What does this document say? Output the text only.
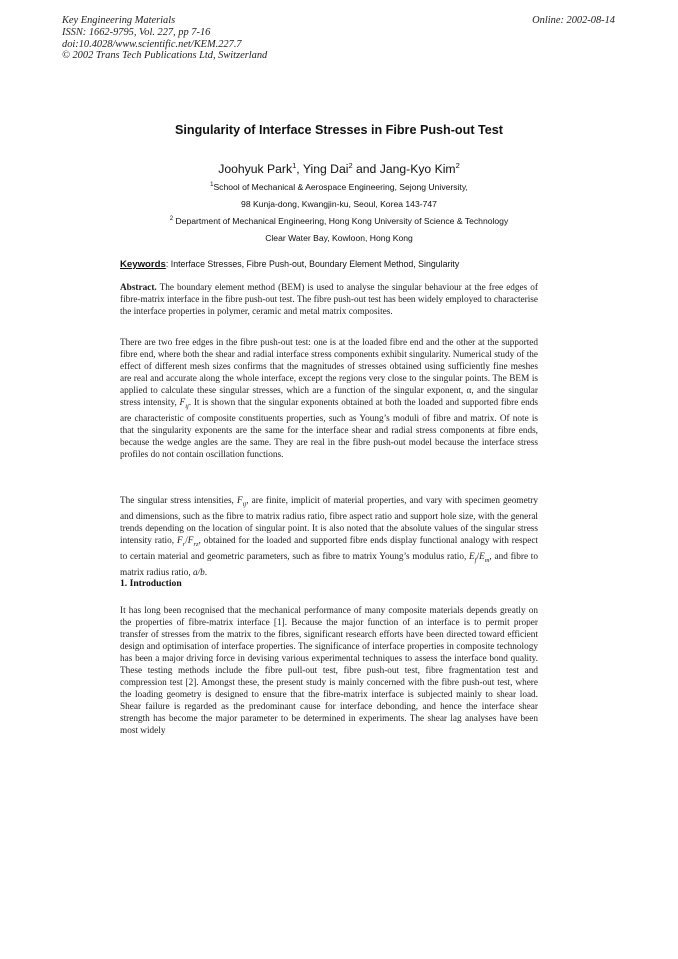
Key Engineering Materials
ISSN: 1662-9795, Vol. 227, pp 7-16
doi:10.4028/www.scientific.net/KEM.227.7
© 2002 Trans Tech Publications Ltd, Switzerland
Online: 2002-08-14
Singularity of Interface Stresses in Fibre Push-out Test
Joohyuk Park$^1$, Ying Dai$^2$ and Jang-Kyo Kim$^2$
$^1$School of Mechanical & Aerospace Engineering, Sejong University,
98 Kunja-dong, Kwangjin-ku, Seoul, Korea 143-747
$^2$ Department of Mechanical Engineering, Hong Kong University of Science & Technology
Clear Water Bay, Kowloon, Hong Kong
Keywords: Interface Stresses, Fibre Push-out, Boundary Element Method, Singularity

Abstract. The boundary element method (BEM) is used to analyse the singular behaviour at the free edges of fibre-matrix interface in the fibre push-out test. The fibre push-out test has been widely employed to characterise the interface properties in polymer, ceramic and metal matrix composites.

There are two free edges in the fibre push-out test: one is at the loaded fibre end and the other at the supported fibre end, where both the shear and radial interface stress components exhibit singularity. Numerical study of the effect of different mesh sizes confirms that the magnitudes of stresses obtained using sufficiently fine meshes are real and accurate along the whole interface, except the regions very close to the singular points. The BEM is applied to calculate these singular stresses, which are a function of the singular exponent, α, and the singular stress intensity, $F_{ij}$. It is shown that the singular exponents obtained at both the loaded and supported fibre ends are characteristic of composite constituents properties, such as Young’s moduli of fibre and matrix. Of note is that the singularity exponents are the same for the interface shear and radial stress components at fibre ends, because the wedge angles are the same. They are real in the fibre push-out model because the interface stress profiles do not contain oscillation functions.

The singular stress intensities, $F_{ij}$, are finite, implicit of material properties, and vary with specimen geometry and dimensions, such as the fibre to matrix radius ratio, fibre aspect ratio and support hole size, with the general trends depending on the location of singular point. It is also noted that the absolute values of the singular stress intensity ratio, $F_r/F_{rz}$, obtained for the loaded and supported fibre ends display functional analogy with respect to certain material and geometric parameters, such as fibre to matrix Young’s modulus ratio, $E_f/E_m$, and fibre to matrix radius ratio, a/b.

1. Introduction

It has long been recognised that the mechanical performance of many composite materials depends greatly on the properties of fibre-matrix interface [1]. Because the major function of an interface is to permit proper transfer of stresses from the matrix to the fibres, significant research efforts have been directed toward efficient design and optimisation of interface properties. The significance of interface properties in composite technology has been a major driving force in devising various experimental techniques to assess the interface bond quality. These testing methods include the fibre pull-out test, fibre push-out test, fibre fragmentation test and compression test [2]. Amongst these, the present study is mainly concerned with the fibre push-out test, where the loading geometry is designed to ensure that the fibre-matrix interface is subjected mainly to shear load. Shear failure is regarded as the predominant cause for interface debonding, and hence the interface shear strength has become the major parameter to be determined in experiments. The shear lag analyses have been most widely
